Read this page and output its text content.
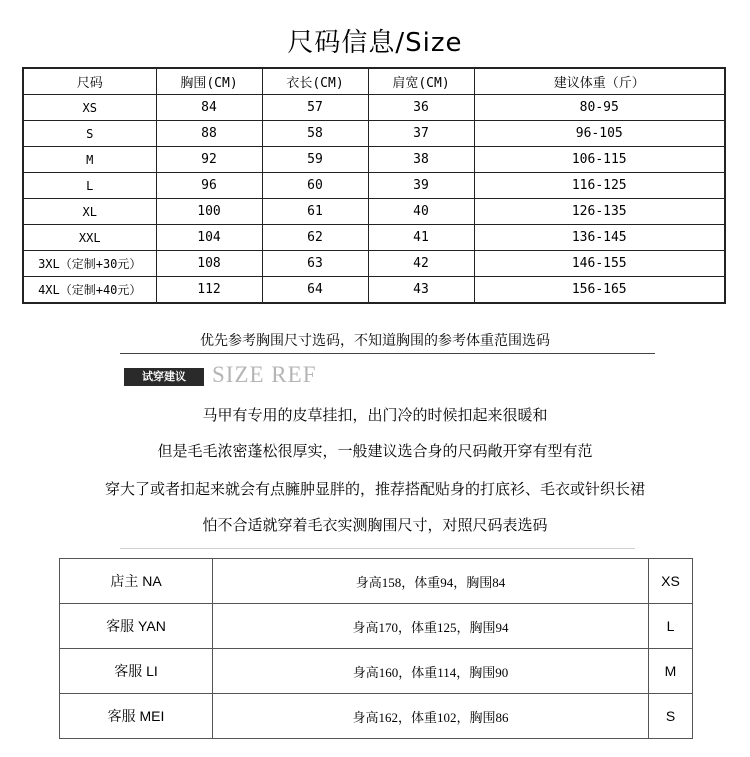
尺码信息/Size
尺码	胸围(CM)	衣长(CM)	肩宽(CM)	建议体重（斤）
XS	84	57	36	80-95
S	88	58	37	96-105
M	92	59	38	106-115
L	96	60	39	116-125
XL	100	61	40	126-135
XXL	104	62	41	136-145
3XL（定制+30元）	108	63	42	146-155
4XL（定制+40元）	112	64	43	156-165
优先参考胸围尺寸选码，不知道胸围的参考体重范围选码
试穿建议	SIZE REF
马甲有专用的皮草挂扣，出门冷的时候扣起来很暖和
但是毛毛浓密蓬松很厚实，一般建议选合身的尺码敞开穿有型有范
穿大了或者扣起来就会有点臃肿显胖的，推荐搭配贴身的打底衫、毛衣或针织长裙
怕不合适就穿着毛衣实测胸围尺寸，对照尺码表选码
店主 NA	身高158，体重94，胸围84	XS
客服 YAN	身高170，体重125，胸围94	L
客服 LI	身高160，体重114，胸围90	M
客服 MEI	身高162，体重102，胸围86	S
